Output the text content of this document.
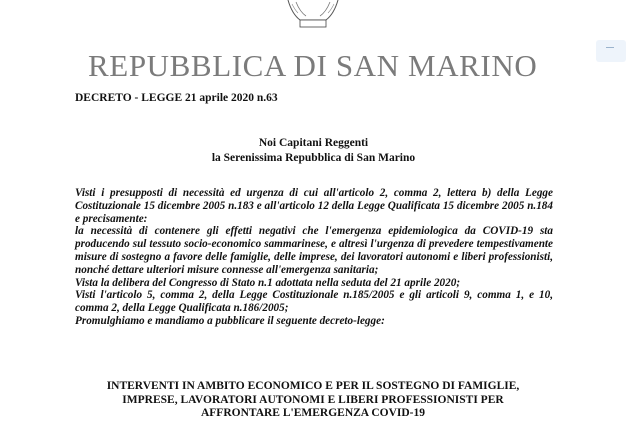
REPUBBLICA DI SAN MARINO
DECRETO - LEGGE 21 aprile 2020 n.63
Noi Capitani Reggenti
la Serenissima Repubblica di San Marino

Visti i presupposti di necessità ed urgenza di cui all'articolo 2, comma 2, lettera b) della Legge Costituzionale 15 dicembre 2005 n.183 e all'articolo 12 della Legge Qualificata 15 dicembre 2005 n.184 e precisamente:

la necessità di contenere gli effetti negativi che l'emergenza epidemiologica da COVID-19 sta producendo sul tessuto socio-economico sammarinese, e altresì l'urgenza di prevedere tempestivamente misure di sostegno a favore delle famiglie, delle imprese, dei lavoratori autonomi e liberi professionisti, nonché dettare ulteriori misure connesse all'emergenza sanitaria;

Vista la delibera del Congresso di Stato n.1 adottata nella seduta del 21 aprile 2020;

Visti l'articolo 5, comma 2, della Legge Costituzionale n.185/2005 e gli articoli 9, comma 1, e 10, comma 2, della Legge Qualificata n.186/2005;

Promulghiamo e mandiamo a pubblicare il seguente decreto-legge:

INTERVENTI IN AMBITO ECONOMICO E PER IL SOSTEGNO DI FAMIGLIE,
IMPRESE, LAVORATORI AUTONOMI E LIBERI PROFESSIONISTI PER
AFFRONTARE L'EMERGENZA COVID-19
